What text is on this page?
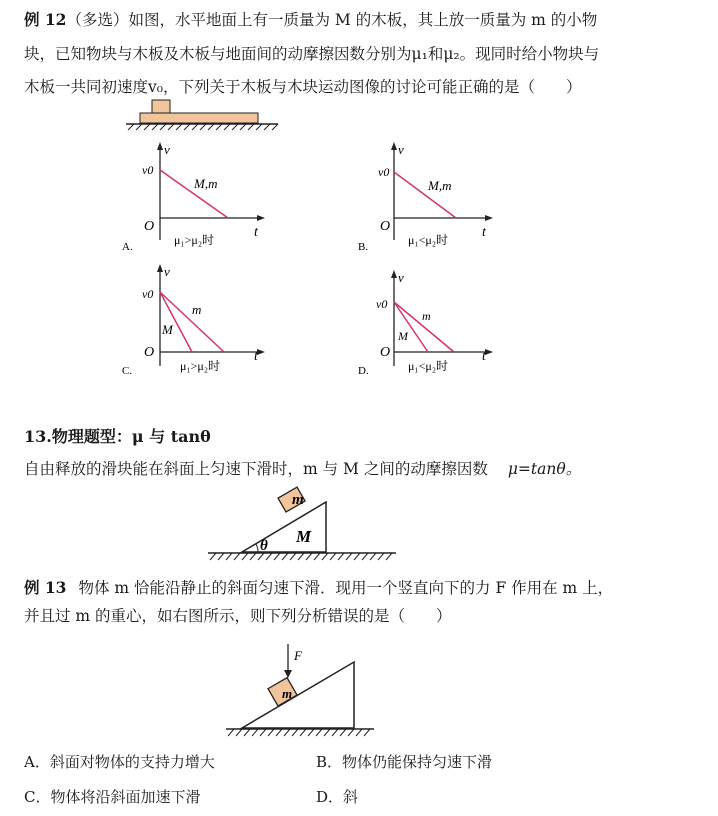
例 12（多选）如图，水平地面上有一质量为 M 的木板，其上放一质量为 m 的小物
块，已知物块与木板及木板与地面间的动摩擦因数分别为μ₁和μ₂。现同时给小物块与
木板一共同初速度v₀，下列关于木板与木块运动图像的讨论可能正确的是（　　）
v
v0
O	t
M,m
A.	μ₁>μ₂时
v
v0
O	t
M,m
B.	μ₁<μ₂时
v
v0
O	t
m
M
C.	μ₁>μ₂时
v
v0
O	t
m
M
D.	μ₁<μ₂时
13.物理题型：μ 与 tanθ
自由释放的滑块能在斜面上匀速下滑时，m 与 M 之间的动摩擦因数 μ=tanθ。
m
M
θ
例 13 物体 m 恰能沿静止的斜面匀速下滑．现用一个竖直向下的力 F 作用在 m 上，
并且过 m 的重心，如右图所示，则下列分析错误的是（　　）
m
F
A．斜面对物体的支持力增大	B．物体仍能保持匀速下滑
C．物体将沿斜面加速下滑	D．斜
